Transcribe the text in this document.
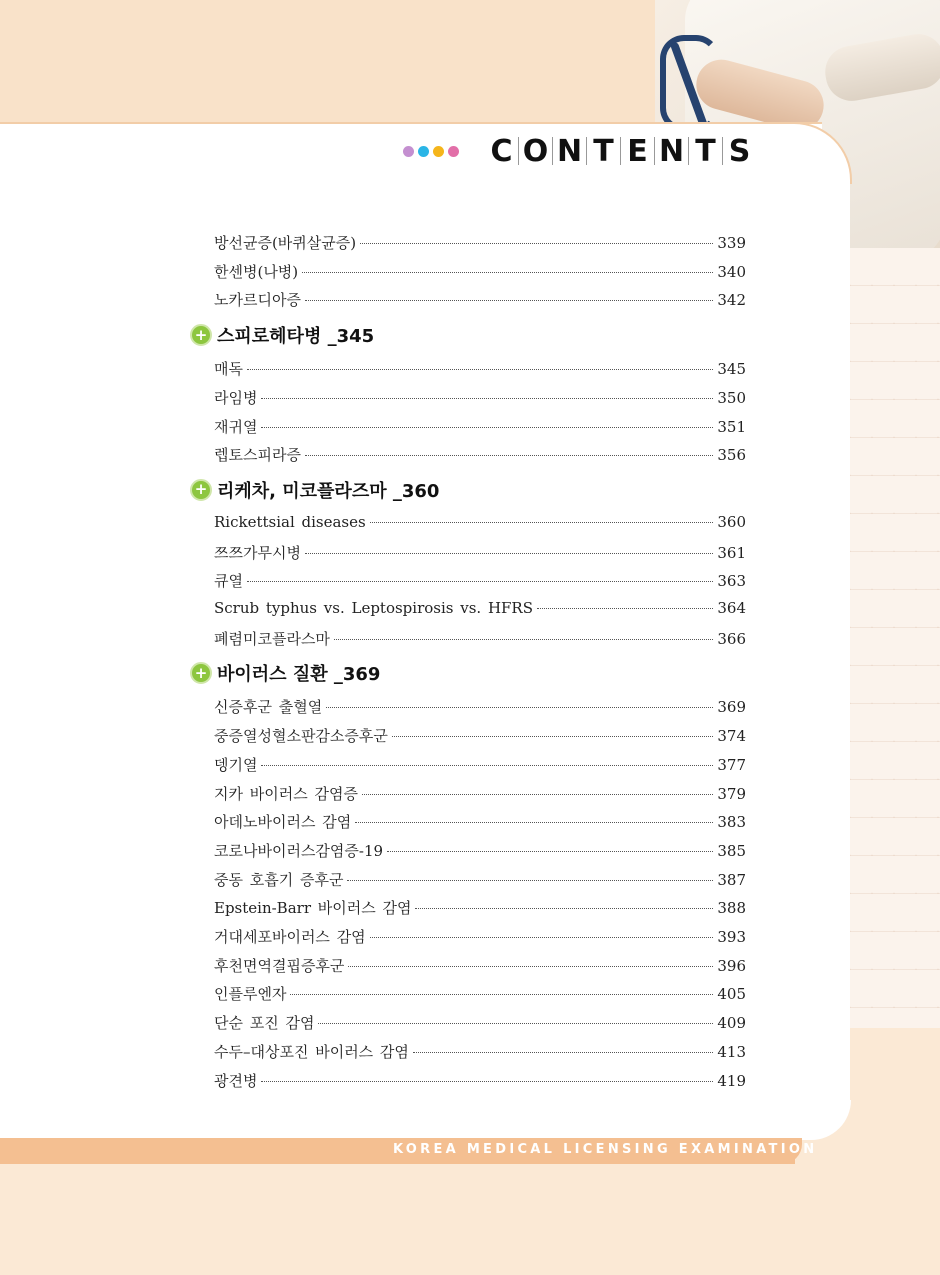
C O N T E N T S
방선균증(바퀴살균증)	339
한센병(나병)	340
노카르디아증	342
+ 스피로헤타병 _345
매독	345
라임병	350
재귀열	351
렙토스피라증	356
+ 리케차, 미코플라즈마 _360
Rickettsial diseases	360
쯔쯔가무시병	361
큐열	363
Scrub typhus vs. Leptospirosis vs. HFRS	364
폐렴미코플라스마	366
+ 바이러스 질환 _369
신증후군 출혈열	369
중증열성혈소판감소증후군	374
뎅기열	377
지카 바이러스 감염증	379
아데노바이러스 감염	383
코로나바이러스감염증-19	385
중동 호흡기 증후군	387
Epstein-Barr 바이러스 감염	388
거대세포바이러스 감염	393
후천면역결핍증후군	396
인플루엔자	405
단순 포진 감염	409
수두–대상포진 바이러스 감염	413
광견병	419
KOREA MEDICAL LICENSING EXAMINATION
